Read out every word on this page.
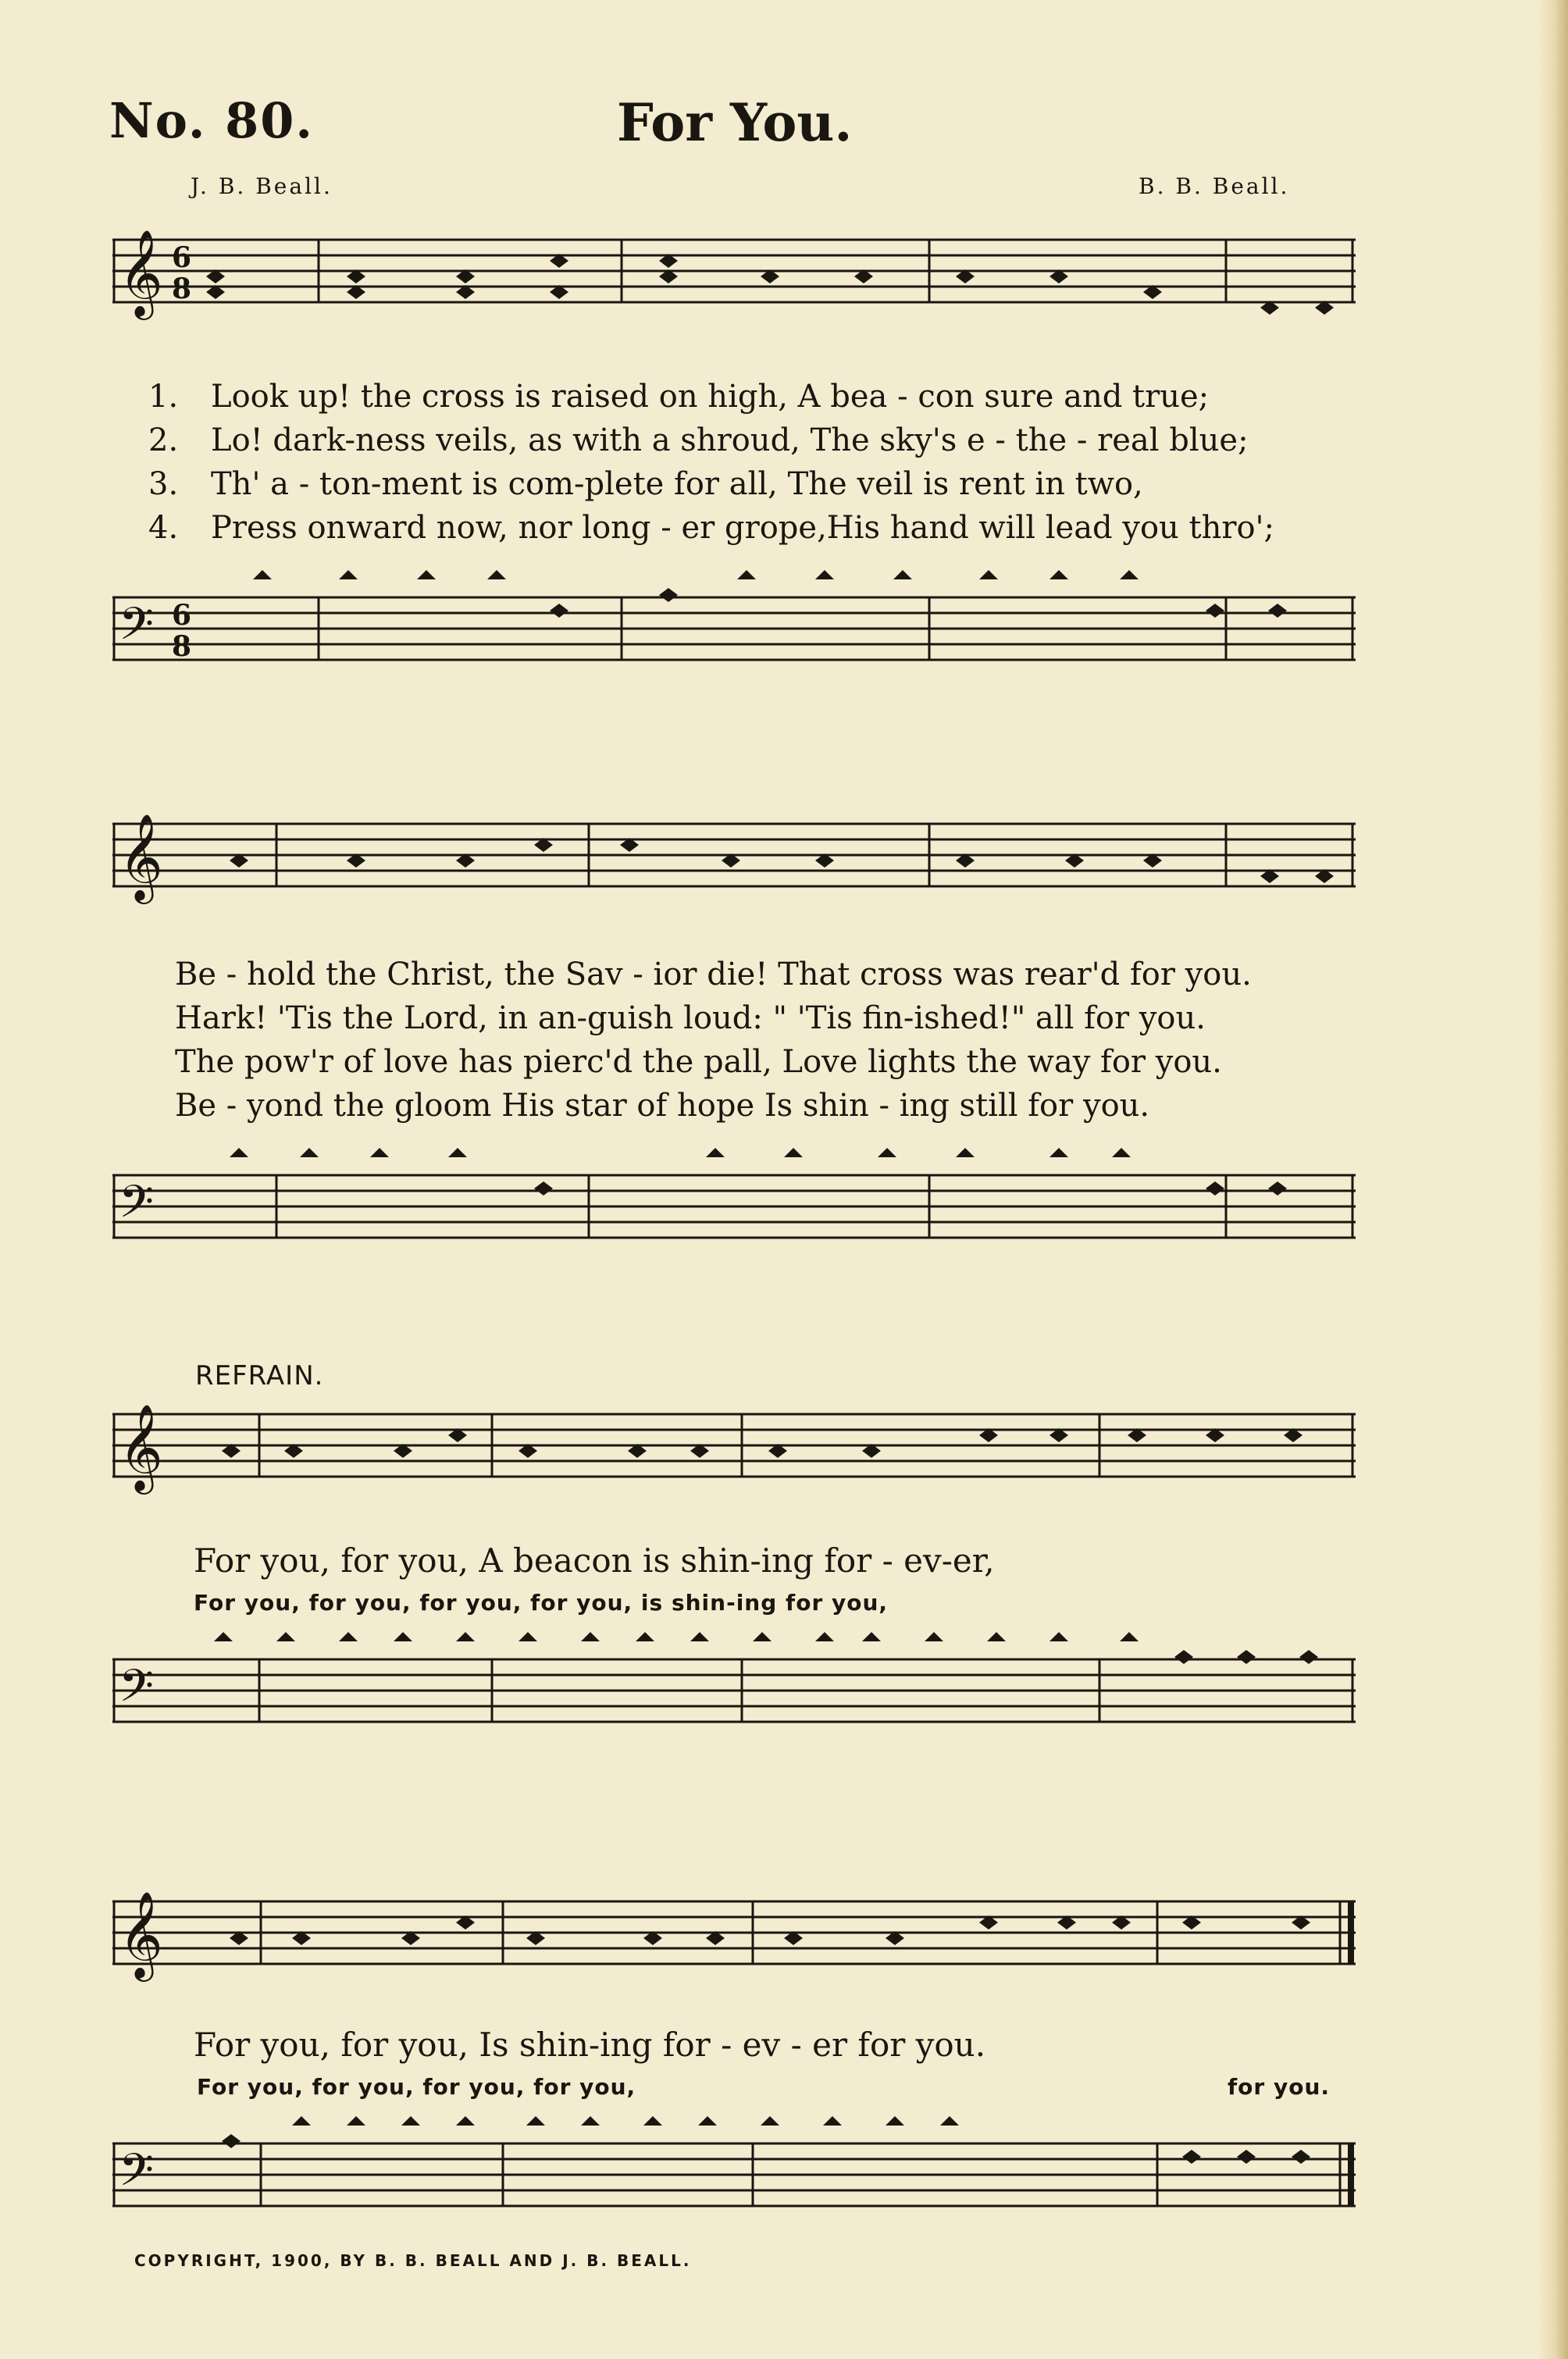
No. 80.	For You.
J. B. Beall.	B. B. Beall.
𝄞 6
8
1. Look up! the cross is raised on high, A bea - con sure and true;
2. Lo! dark-ness veils, as with a shroud, The sky's e - the - real blue;
3. Th' a - ton-ment is com-plete for all, The veil is rent in two,
4. Press onward now, nor long - er grope,His hand will lead you thro';
𝄢 6
8
𝄞
Be - hold the Christ, the Sav - ior die! That cross was rear'd for you.
Hark! 'Tis the Lord, in an-guish loud: " 'Tis fin-ished!" all for you.
The pow'r of love has pierc'd the pall, Love lights the way for you.
Be - yond the gloom His star of hope Is shin - ing still for you.
𝄢
REFRAIN.
𝄞
For you, for you, A beacon is shin-ing for - ev-er,
For you, for you, for you, for you, is shin-ing for you,
𝄢
𝄞
For you, for you, Is shin-ing for - ev - er for you.
For you, for you, for you, for you,	for you.
𝄢
COPYRIGHT, 1900, BY B. B. BEALL AND J. B. BEALL.
